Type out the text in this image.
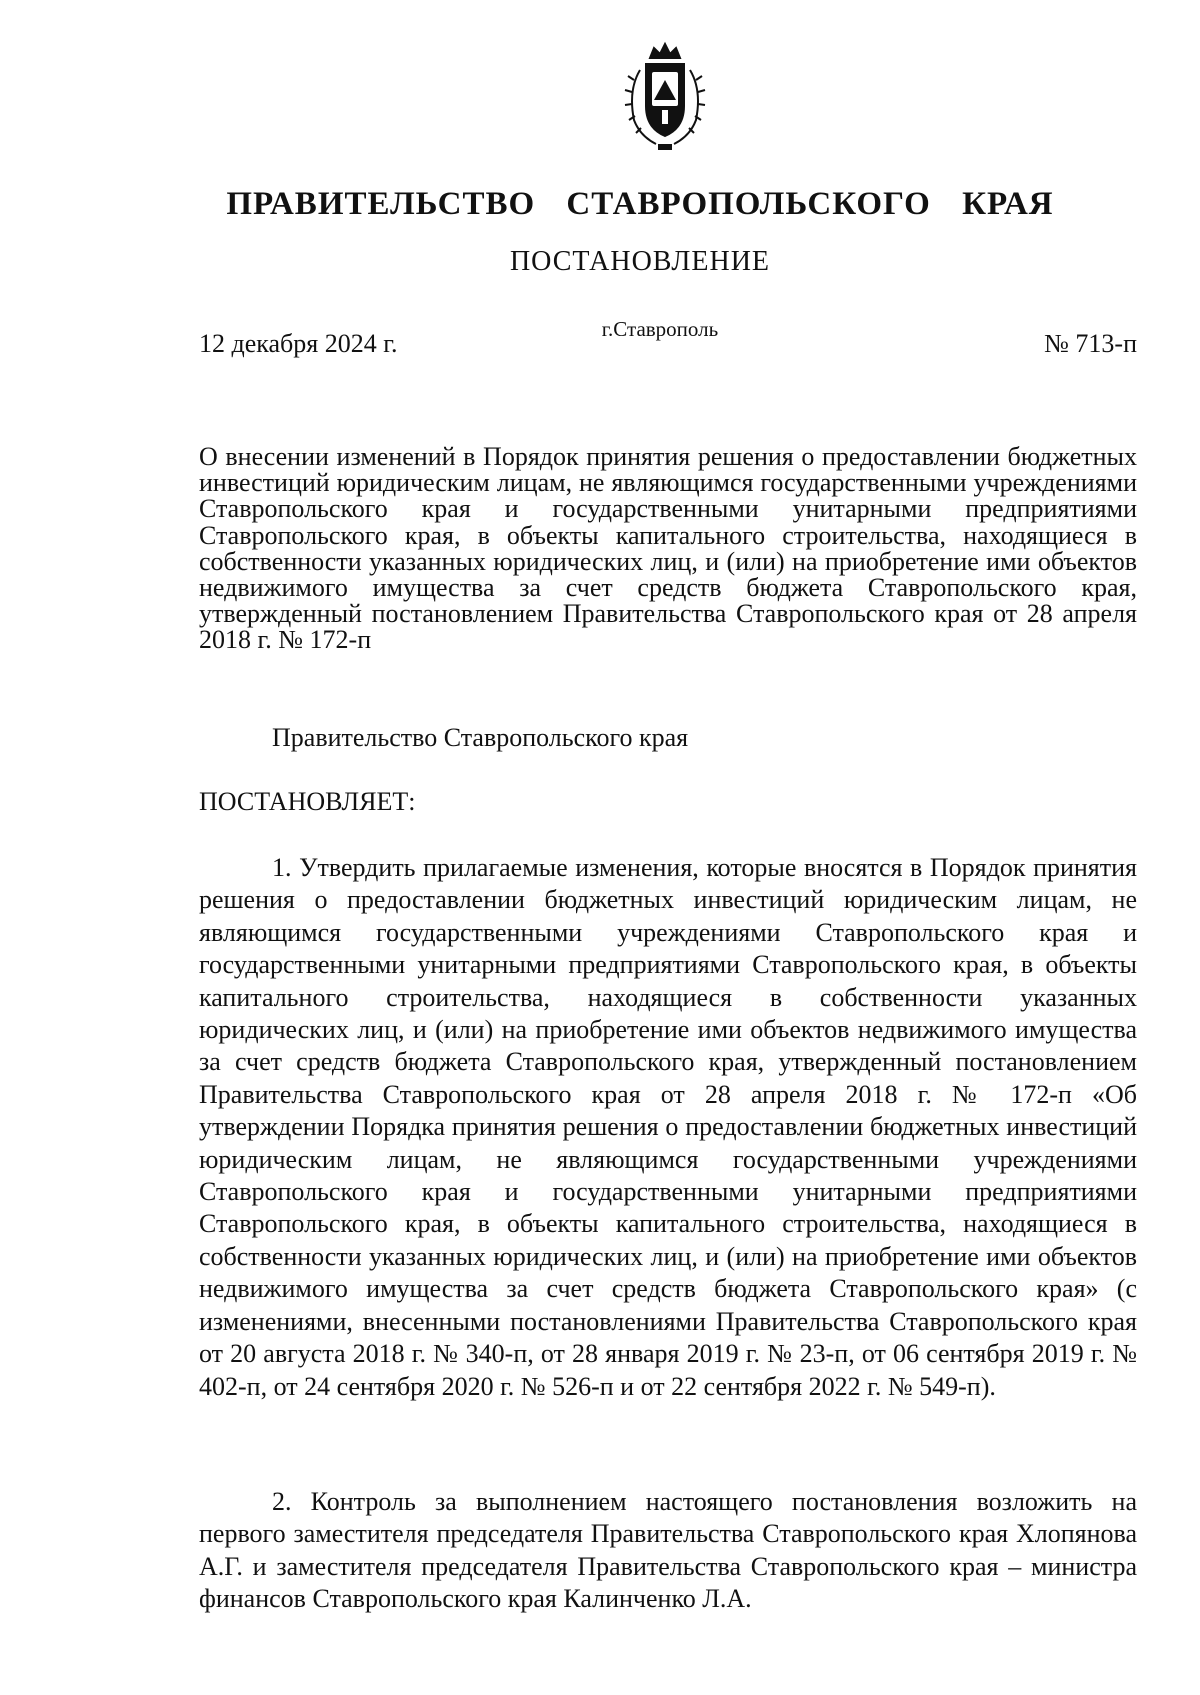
ПРАВИТЕЛЬСТВО СТАВРОПОЛЬСКОГО КРАЯ
ПОСТАНОВЛЕНИЕ
12 декабря 2024 г.	г.Ставрополь	№ 713-п
О внесении изменений в Порядок принятия решения о предоставлении бюджетных инвестиций юридическим лицам, не являющимся государственными учреждениями Ставропольского края и государственными унитарными предприятиями Ставропольского края, в объекты капитального строительства, находящиеся в собственности указанных юридических лиц, и (или) на приобретение ими объектов недвижимого имущества за счет средств бюджета Ставропольского края, утвержденный постановлением Правительства Ставропольского края от 28 апреля 2018 г. № 172-п
Правительство Ставропольского края
ПОСТАНОВЛЯЕТ:

1. Утвердить прилагаемые изменения, которые вносятся в Порядок принятия решения о предоставлении бюджетных инвестиций юридическим лицам, не являющимся государственными учреждениями Ставропольского края и государственными унитарными предприятиями Ставропольского края, в объекты капитального строительства, находящиеся в собственности указанных юридических лиц, и (или) на приобретение ими объектов недвижимого имущества за счет средств бюджета Ставропольского края, утвержденный постановлением Правительства Ставропольского края от 28 апреля 2018 г. № 172-п «Об утверждении Порядка принятия решения о предоставлении бюджетных инвестиций юридическим лицам, не являющимся государственными учреждениями Ставропольского края и государственными унитарными предприятиями Ставропольского края, в объекты капитального строительства, находящиеся в собственности указанных юридических лиц, и (или) на приобретение ими объектов недвижимого имущества за счет средств бюджета Ставропольского края» (с изменениями, внесенными постановлениями Правительства Ставропольского края от 20 августа 2018 г. № 340-п, от 28 января 2019 г. № 23-п, от 06 сентября 2019 г. № 402-п, от 24 сентября 2020 г. № 526-п и от 22 сентября 2022 г. № 549-п).

2. Контроль за выполнением настоящего постановления возложить на первого заместителя председателя Правительства Ставропольского края Хлопянова А.Г. и заместителя председателя Правительства Ставропольского края – министра финансов Ставропольского края Калинченко Л.А.
